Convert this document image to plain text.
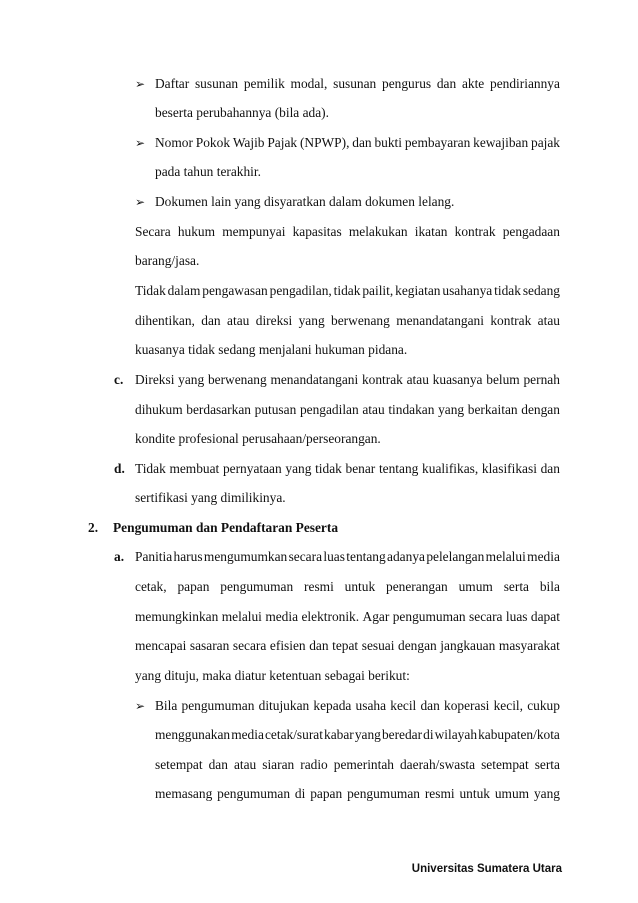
➢
➢
➢
➢
c.
d.
2.
a.
Daftar susunan pemilik modal, susunan pengurus dan akte pendiriannya
beserta perubahannya (bila ada).
Nomor Pokok Wajib Pajak (NPWP), dan bukti pembayaran kewajiban pajak
pada tahun terakhir.
Dokumen lain yang disyaratkan dalam dokumen lelang.
Secara hukum mempunyai kapasitas melakukan ikatan kontrak pengadaan
barang/jasa.
Tidak dalam pengawasan pengadilan, tidak pailit, kegiatan usahanya tidak sedang
dihentikan, dan atau direksi yang berwenang menandatangani kontrak atau
kuasanya tidak sedang menjalani hukuman pidana.
Direksi yang berwenang menandatangani kontrak atau kuasanya belum pernah
dihukum berdasarkan putusan pengadilan atau tindakan yang berkaitan dengan
kondite profesional perusahaan/perseorangan.
Tidak membuat pernyataan yang tidak benar tentang kualifikas, klasifikasi dan
sertifikasi yang dimilikinya.
Pengumuman dan Pendaftaran Peserta
Panitia harus mengumumkan secara luas tentang adanya pelelangan melalui media
cetak, papan pengumuman resmi untuk penerangan umum serta bila
memungkinkan melalui media elektronik. Agar pengumuman secara luas dapat
mencapai sasaran secara efisien dan tepat sesuai dengan jangkauan masyarakat
yang dituju, maka diatur ketentuan sebagai berikut:
Bila pengumuman ditujukan kepada usaha kecil dan koperasi kecil, cukup
menggunakan media cetak/surat kabar yang beredar di wilayah kabupaten/kota
setempat dan atau siaran radio pemerintah daerah/swasta setempat serta
memasang pengumuman di papan pengumuman resmi untuk umum yang
Universitas Sumatera Utara
